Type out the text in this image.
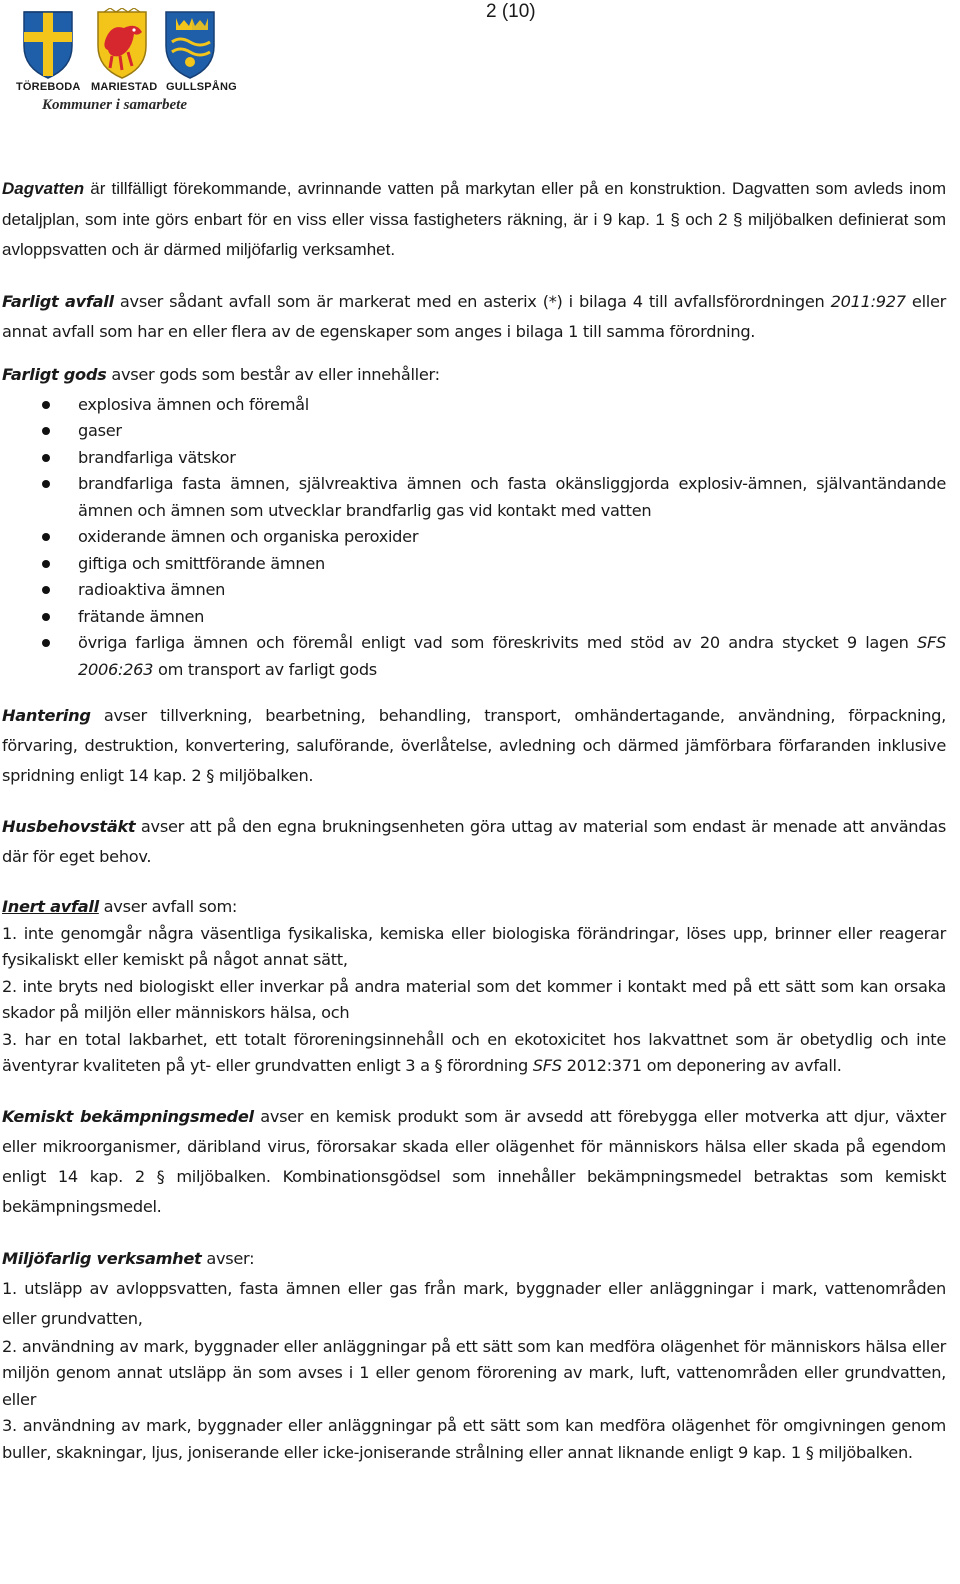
2 (10)
TÖREBODA MARIESTAD GULLSPÅNG
Kommuner i samarbete

Dagvatten är tillfälligt förekommande, avrinnande vatten på markytan eller på en konstruktion. Dagvatten som avleds inom detaljplan, som inte görs enbart för en viss eller vissa fastigheters räkning, är i 9 kap. 1 § och 2 § miljöbalken definierat som avloppsvatten och är därmed miljöfarlig verksamhet.

Farligt avfall avser sådant avfall som är markerat med en asterix (*) i bilaga 4 till avfallsförordningen 2011:927 eller annat avfall som har en eller flera av de egenskaper som anges i bilaga 1 till samma förordning.

Farligt gods avser gods som består av eller innehåller:

explosiva ämnen och föremål
gaser
brandfarliga vätskor
brandfarliga fasta ämnen, självreaktiva ämnen och fasta okänsliggjorda explosiv-ämnen, självantändande ämnen och ämnen som utvecklar brandfarlig gas vid kontakt med vatten
oxiderande ämnen och organiska peroxider
giftiga och smittförande ämnen
radioaktiva ämnen
frätande ämnen
övriga farliga ämnen och föremål enligt vad som föreskrivits med stöd av 20 andra stycket 9 lagen SFS 2006:263 om transport av farligt gods

Hantering avser tillverkning, bearbetning, behandling, transport, omhändertagande, användning, förpackning, förvaring, destruktion, konvertering, saluförande, överlåtelse, avledning och därmed jämförbara förfaranden inklusive spridning enligt 14 kap. 2 § miljöbalken.

Husbehovstäkt avser att på den egna brukningsenheten göra uttag av material som endast är menade att användas där för eget behov.

Inert avfall avser avfall som:

1. inte genomgår några väsentliga fysikaliska, kemiska eller biologiska förändringar, löses upp, brinner eller reagerar fysikaliskt eller kemiskt på något annat sätt,

2. inte bryts ned biologiskt eller inverkar på andra material som det kommer i kontakt med på ett sätt som kan orsaka skador på miljön eller människors hälsa, och

3. har en total lakbarhet, ett totalt föroreningsinnehåll och en ekotoxicitet hos lakvattnet som är obetydlig och inte äventyrar kvaliteten på yt- eller grundvatten enligt 3 a § förordning SFS 2012:371 om deponering av avfall.

Kemiskt bekämpningsmedel avser en kemisk produkt som är avsedd att förebygga eller motverka att djur, växter eller mikroorganismer, däribland virus, förorsakar skada eller olägenhet för människors hälsa eller skada på egendom enligt 14 kap. 2 § miljöbalken. Kombinationsgödsel som innehåller bekämpningsmedel betraktas som kemiskt bekämpningsmedel.

Miljöfarlig verksamhet avser:

1. utsläpp av avloppsvatten, fasta ämnen eller gas från mark, byggnader eller anläggningar i mark, vattenområden eller grundvatten,

2. användning av mark, byggnader eller anläggningar på ett sätt som kan medföra olägenhet för människors hälsa eller miljön genom annat utsläpp än som avses i 1 eller genom förorening av mark, luft, vattenområden eller grundvatten, eller

3. användning av mark, byggnader eller anläggningar på ett sätt som kan medföra olägenhet för omgivningen genom buller, skakningar, ljus, joniserande eller icke-joniserande strålning eller annat liknande enligt 9 kap. 1 § miljöbalken.
